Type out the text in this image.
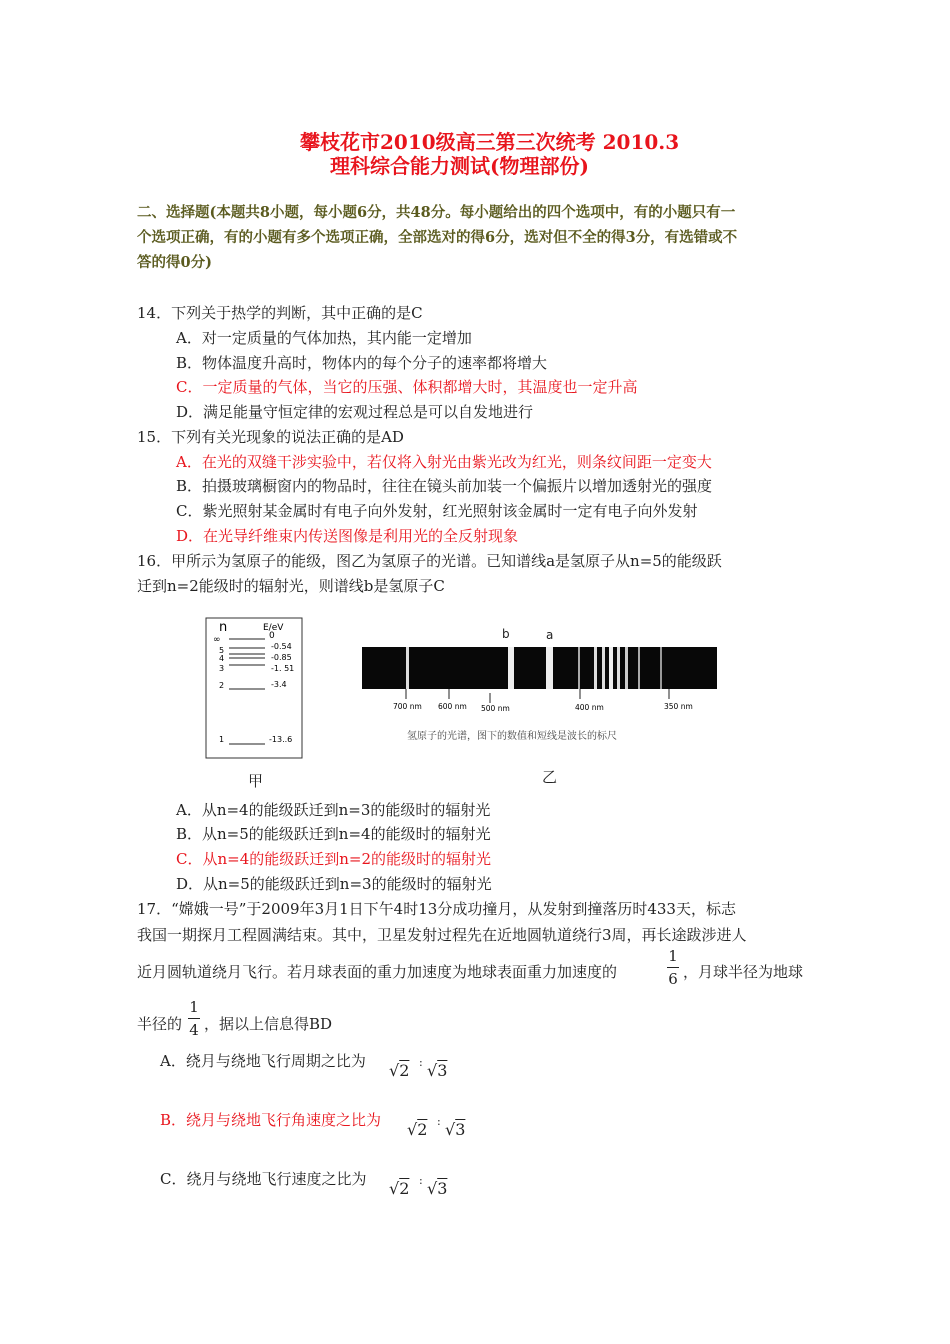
攀枝花市2010级高三第三次统考 2010.3
理科综合能力测试(物理部份)
二、选择题(本题共8小题，每小题6分，共48分。每小题给出的四个选项中，有的小题只有一
个选项正确，有的小题有多个选项正确，全部选对的得6分，选对但不全的得3分，有选错或不
答的得0分)
14．下列关于热学的判断，其中正确的是C
A．对一定质量的气体加热，其内能一定增加
B．物体温度升高时，物体内的每个分子的速率都将增大
C．一定质量的气体，当它的压强、体积都增大时，其温度也一定升高
D．满足能量守恒定律的宏观过程总是可以自发地进行
15．下列有关光现象的说法正确的是AD
A．在光的双缝干涉实验中，若仅将入射光由紫光改为红光，则条纹间距一定变大
B．拍摄玻璃橱窗内的物品时，往往在镜头前加装一个偏振片以增加透射光的强度
C．紫光照射某金属时有电子向外发射，红光照射该金属时一定有电子向外发射
D．在光导纤维束内传送图像是利用光的全反射现象
16．甲所示为氢原子的能级，图乙为氢原子的光谱。已知谱线a是氢原子从n=5的能级跃
迁到n=2能级时的辐射光，则谱线b是氢原子C
n	E/eV
∞	0
5	-0.54
4	-0.85
3	-1. 51
2	-3.4
1	-13..6
甲
b	a
700 nm 600 nm 500 nm	400 nm	350 nm
氢原子的光谱，图下的数值和短线是波长的标尺
乙
A．从n=4的能级跃迁到n=3的能级时的辐射光
B．从n=5的能级跃迁到n=4的能级时的辐射光
C．从n=4的能级跃迁到n=2的能级时的辐射光
D．从n=5的能级跃迁到n=3的能级时的辐射光
17．“嫦娥一号”于2009年3月1日下午4时13分成功撞月，从发射到撞落历时433天，标志
我国一期探月工程圆满结束。其中，卫星发射过程先在近地圆轨道绕行3周，再长途跋涉进人
近月圆轨道绕月飞行。若月球表面的重力加速度为地球表面重力加速度的
1
6 ，月球半径为地球
半径的
1
4 ，据以上信息得BD
A．绕月与绕地飞行周期之比为 √2 : √3
B．绕月与绕地飞行角速度之比为 √2 : √3
C．绕月与绕地飞行速度之比为 √2 : √3
